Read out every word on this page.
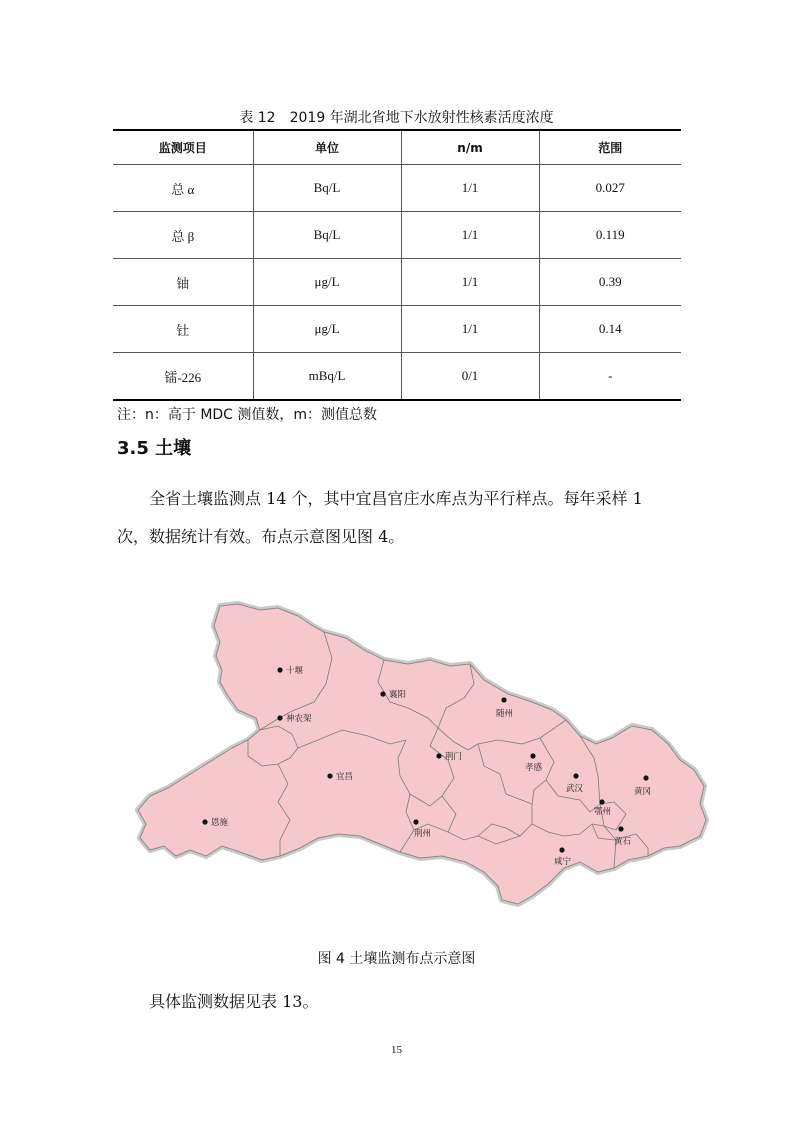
表 12　2019 年湖北省地下水放射性核素活度浓度
监测项目	单位	n/m	范围
总 α	Bq/L	1/1	0.027
总 β	Bq/L	1/1	0.119
铀	μg/L	1/1	0.39
钍	μg/L	1/1	0.14
镭-226	mBq/L	0/1	-
注：n：高于 MDC 测值数，m：测值总数
3.5 土壤

全省土壤监测点 14 个，其中宜昌官庄水库点为平行样点。每年采样 1 次，数据统计有效。布点示意图见图 4。

十堰
襄阳
随州
神农架
荆门
孝感
宜昌
武汉	黄冈
鄂州
恩施
荆州
黄石
咸宁
图 4 土壤监测布点示意图

具体监测数据见表 13。

15
